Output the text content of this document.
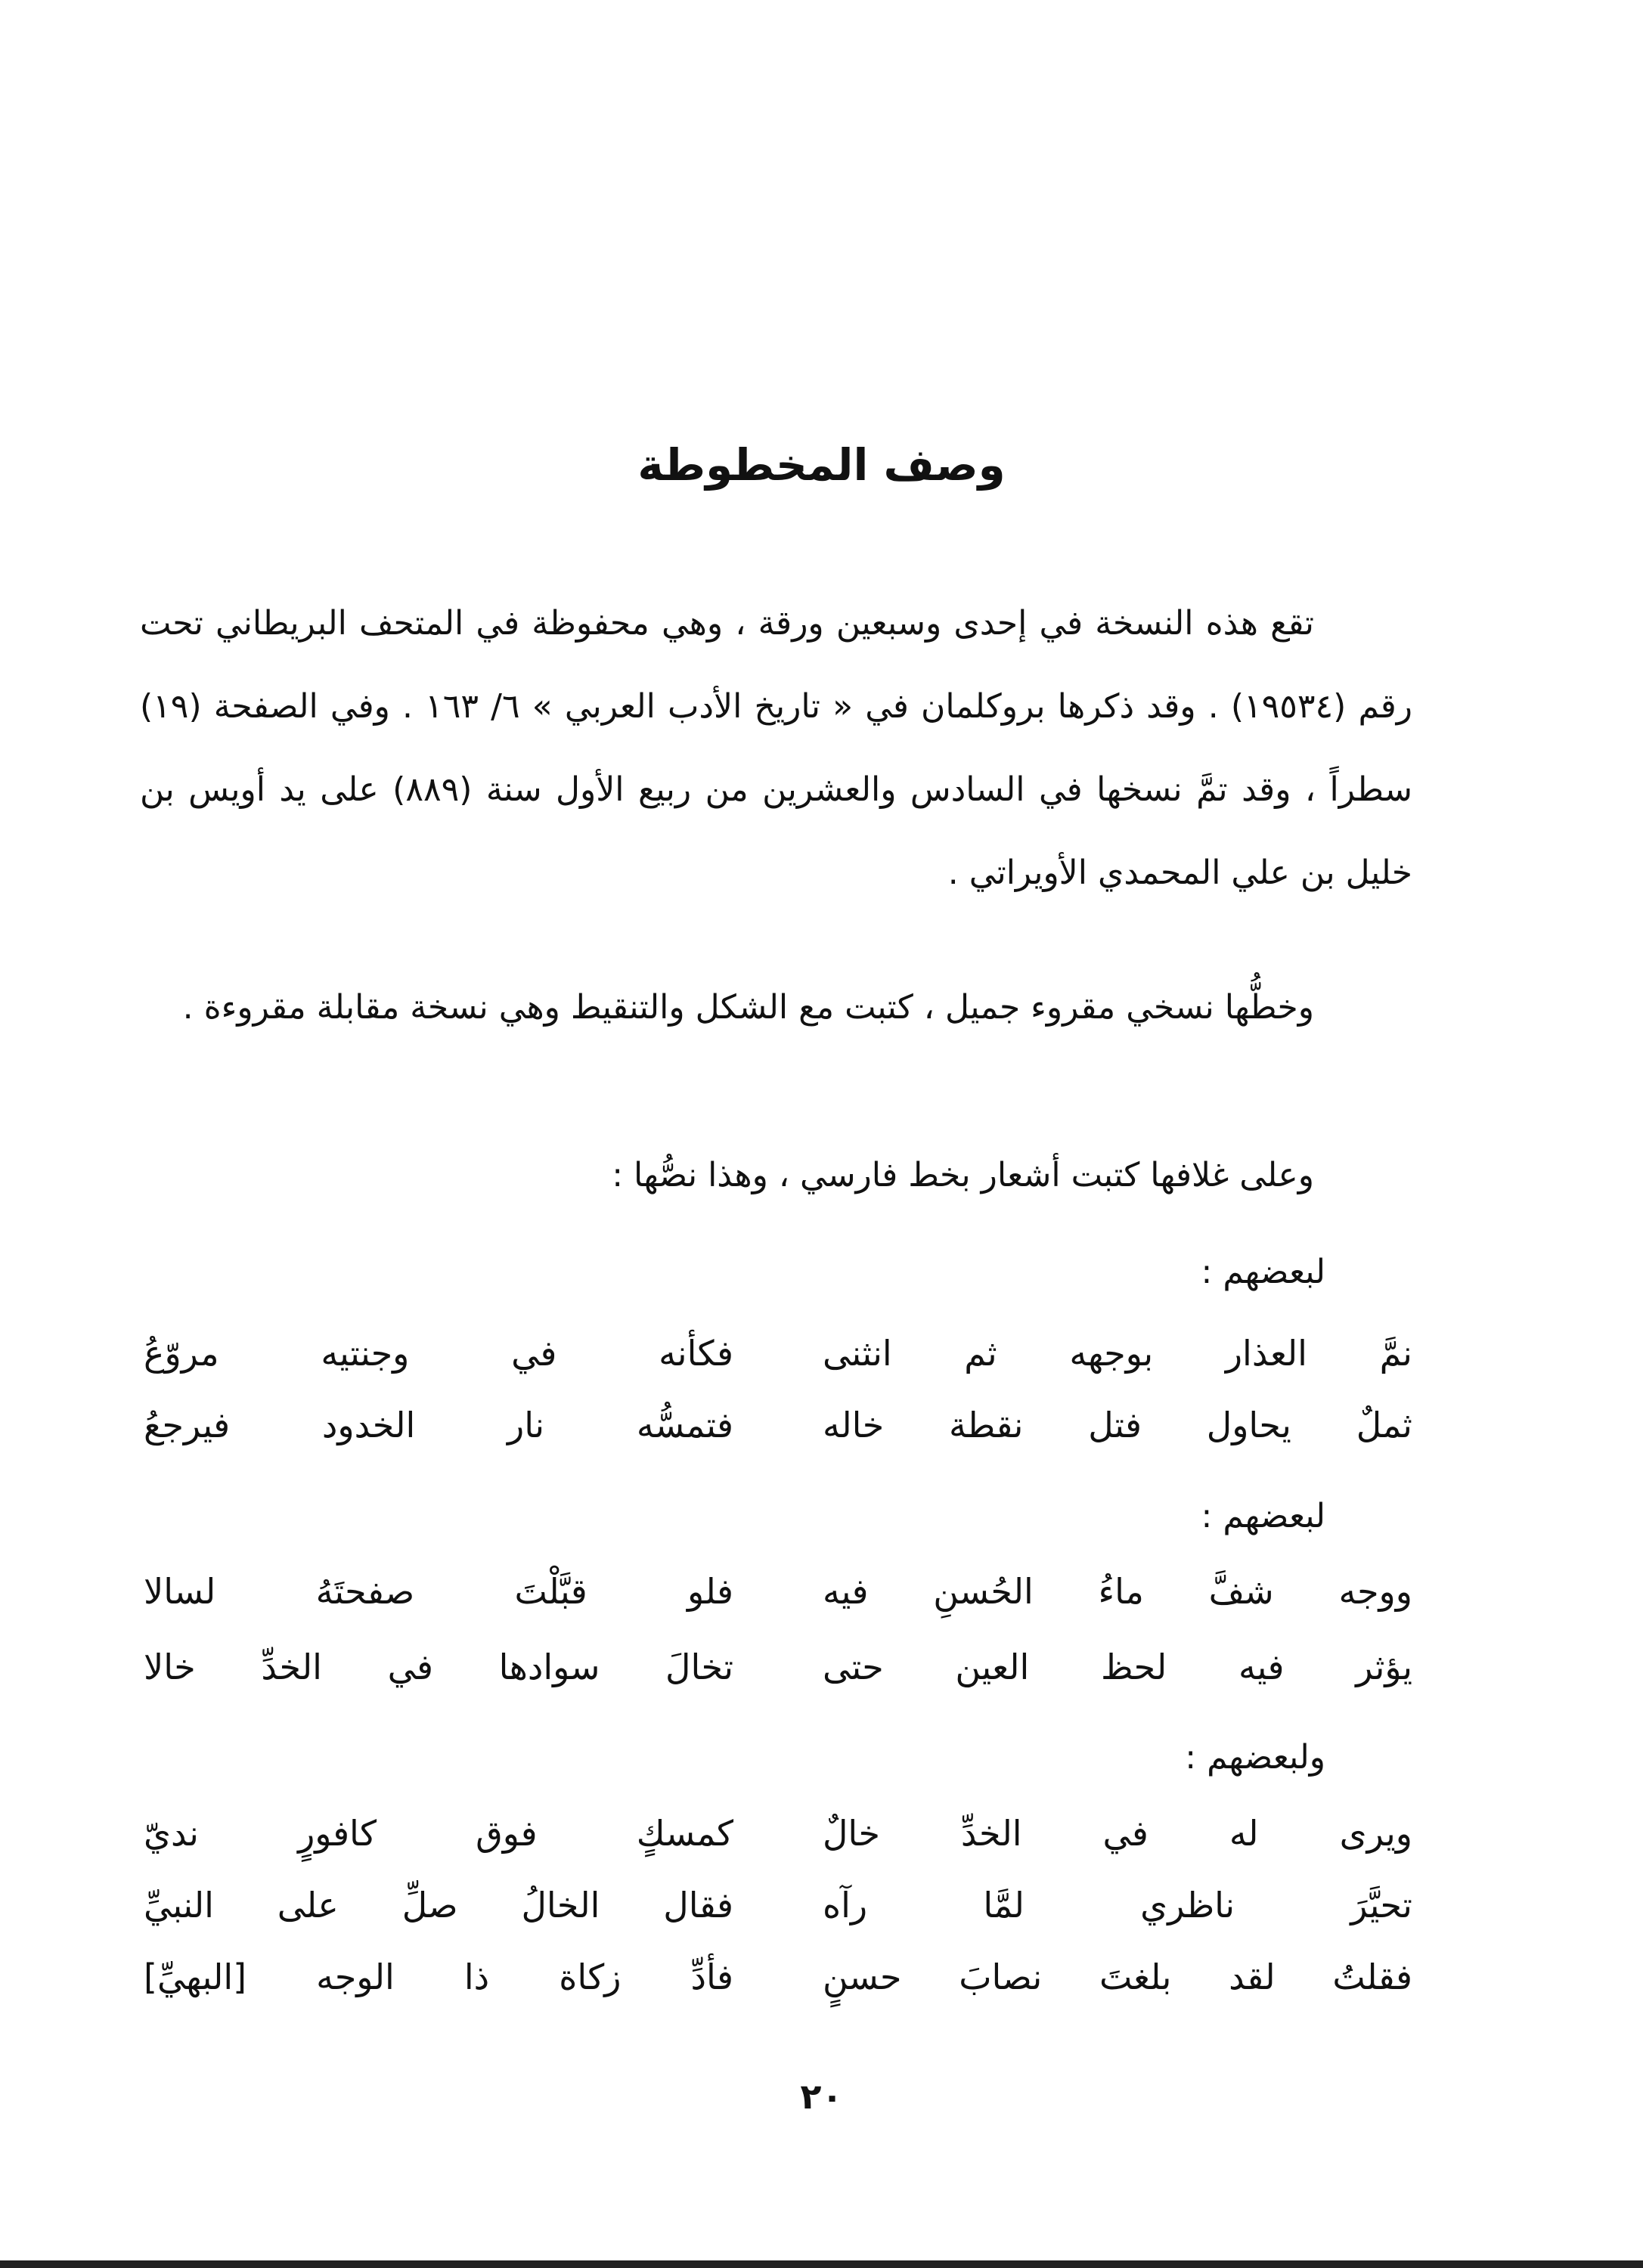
وصف المخطوطة
تقع هذه النسخة في إحدى وسبعين ورقة ، وهي محفوظة في المتحف البريطاني تحت رقم (١٩٥٣٤) . وقد ذكرها بروكلمان في « تاريخ الأدب العربي » ٦/ ١٦٣ . وفي الصفحة (١٩) سطراً ، وقد تمَّ نسخها في السادس والعشرين من ربيع الأول سنة (٨٨٩) على يد أويس بن خليل بن علي المحمدي الأويراتي .
وخطُّها نسخي مقروء جميل ، كتبت مع الشكل والتنقيط وهي نسخة مقابلة مقروءة .
وعلى غلافها كتبت أشعار بخط فارسي ، وهذا نصُّها :
لبعضهم :
نمَّ العذار بوجهه ثم انثنى
فكأنه في وجنتيه مروّعُ
ثملٌ يحاول فتل نقطة خاله
فتمسُّه نار الخدود فيرجعُ
لبعضهم :
ووجه شفَّ ماءُ الحُسنِ فيه
فلو قبَّلْتَ صفحتَهُ لسالا
يؤثر فيه لحظ العين حتى
تخالَ سوادها في الخدِّ خالا
ولبعضهم :
ويرى له في الخدِّ خالٌ
كمسكٍ فوق كافورٍ نديّ
تحيَّرَ ناظري لمَّا رآه
فقال الخالُ صلِّ على النبيِّ
فقلتُ لقد بلغتَ نصابَ حسنٍ
فأدِّ زكاة ذا الوجه [البهيِّ]
٢٠
